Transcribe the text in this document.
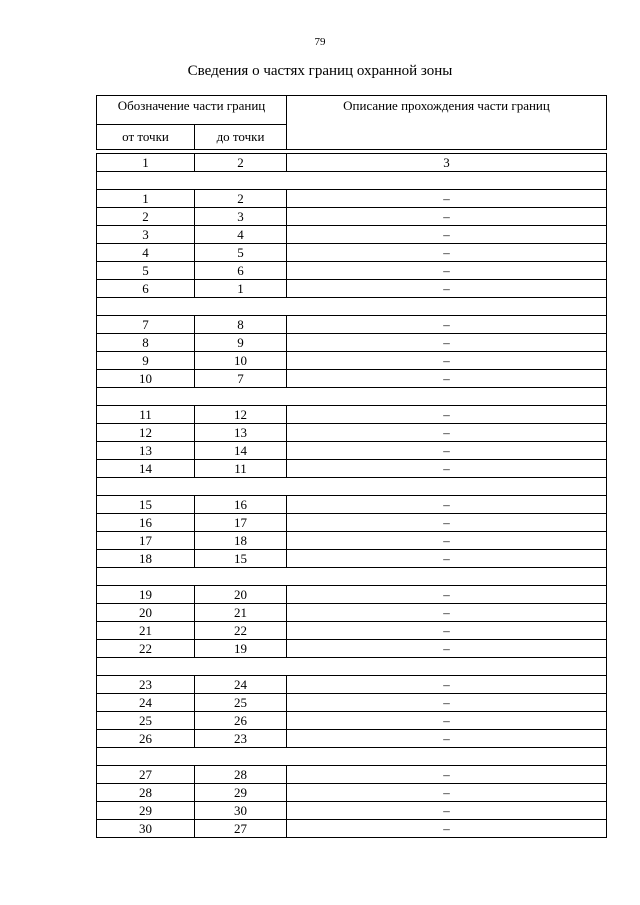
79
Сведения о частях границ охранной зоны
Обозначение части границ		Описание прохождения части границ
от точки	до точки	

1	2	3

1	2	–
2	3	–
3	4	–
4	5	–
5	6	–
6	1	–

7	8	–
8	9	–
9	10	–
10	7	–

11	12	–
12	13	–
13	14	–
14	11	–

15	16	–
16	17	–
17	18	–
18	15	–

19	20	–
20	21	–
21	22	–
22	19	–

23	24	–
24	25	–
25	26	–
26	23	–

27	28	–
28	29	–
29	30	–
30	27	–
